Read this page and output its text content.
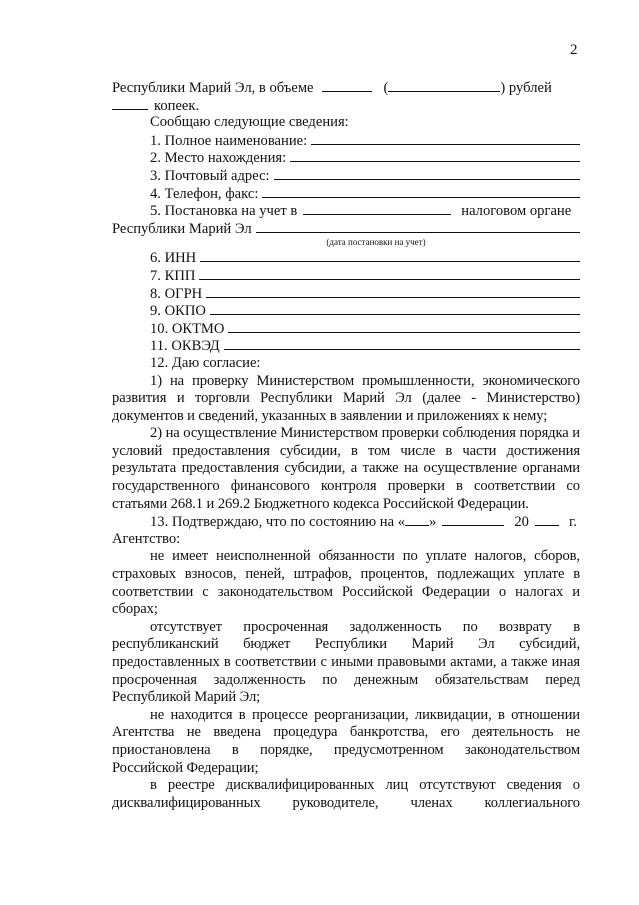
2
Республики Марий Эл, в объеме	(	) рублей
копеек.
Сообщаю следующие сведения:
1. Полное наименование:
2. Место нахождения:
3. Почтовый адрес:
4. Телефон, факс:
5. Постановка на учет в	налоговом органе
Республики Марий Эл
(дата постановки на учет)
6. ИНН
7. КПП
8. ОГРН
9. ОКПО
10. ОКТМО
11. ОКВЭД
12. Даю согласие:

1) на проверку Министерством промышленности, экономического развития и торговли Республики Марий Эл (далее - Министерство) документов и сведений, указанных в заявлении и приложениях к нему;

2) на осуществление Министерством проверки соблюдения порядка и условий предоставления субсидии, в том числе в части достижения результата предоставления субсидии, а также на осуществление органами государственного финансового контроля проверки в соответствии со статьями 268.1 и 269.2 Бюджетного кодекса Российской Федерации.

13. Подтверждаю, что по состоянию на « »	20	г.
Агентство:

не имеет неисполненной обязанности по уплате налогов, сборов, страховых взносов, пеней, штрафов, процентов, подлежащих уплате в соответствии с законодательством Российской Федерации о налогах и сборах;

отсутствует просроченная задолженность по возврату в республиканский бюджет Республики Марий Эл субсидий, предоставленных в соответствии с иными правовыми актами, а также иная просроченная задолженность по денежным обязательствам перед Республикой Марий Эл;

не находится в процессе реорганизации, ликвидации, в отношении Агентства не введена процедура банкротства, его деятельность не приостановлена в порядке, предусмотренном законодательством Российской Федерации;

в реестре дисквалифицированных лиц отсутствуют сведения о дисквалифицированных руководителе, членах коллегиального
